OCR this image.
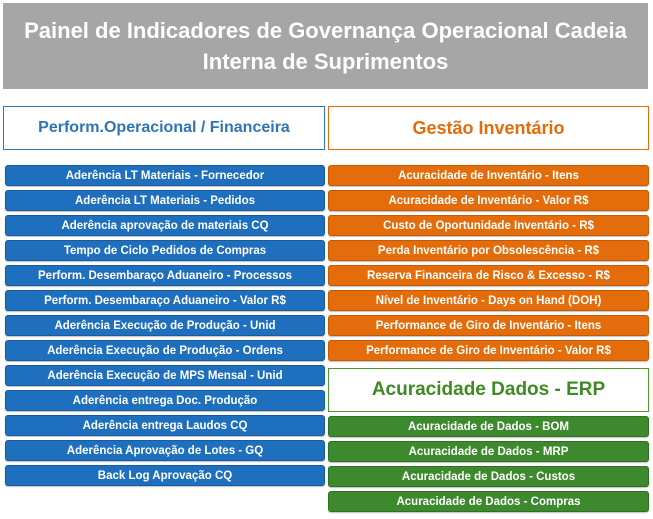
Painel de Indicadores de Governança Operacional Cadeia
Interna de Suprimentos
Perform.Operacional / Financeira	Gestão Inventário
Acuracidade Dados - ERP
Aderência LT Materiais - Fornecedor
Aderência LT Materiais - Pedidos
Aderência aprovação de materiais CQ
Tempo de Ciclo Pedidos de Compras
Perform. Desembaraço Aduaneiro - Processos
Perform. Desembaraço Aduaneiro - Valor R$
Aderência Execução de Produção - Unid
Aderência Execução de Produção - Ordens
Aderência Execução de MPS Mensal - Unid
Aderência entrega Doc. Produção
Aderência entrega Laudos CQ
Aderência Aprovação de Lotes - GQ
Back Log Aprovação CQ
Acuracidade de Inventário - Itens
Acuracidade de Inventário - Valor R$
Custo de Oportunidade Inventário - R$
Perda Inventário por Obsolescência - R$
Reserva Financeira de Risco & Excesso - R$
Nível de Inventário - Days on Hand (DOH)
Performance de Giro de Inventário - Itens
Performance de Giro de Inventário - Valor R$
Acuracidade de Dados - BOM
Acuracidade de Dados - MRP
Acuracidade de Dados - Custos
Acuracidade de Dados - Compras
